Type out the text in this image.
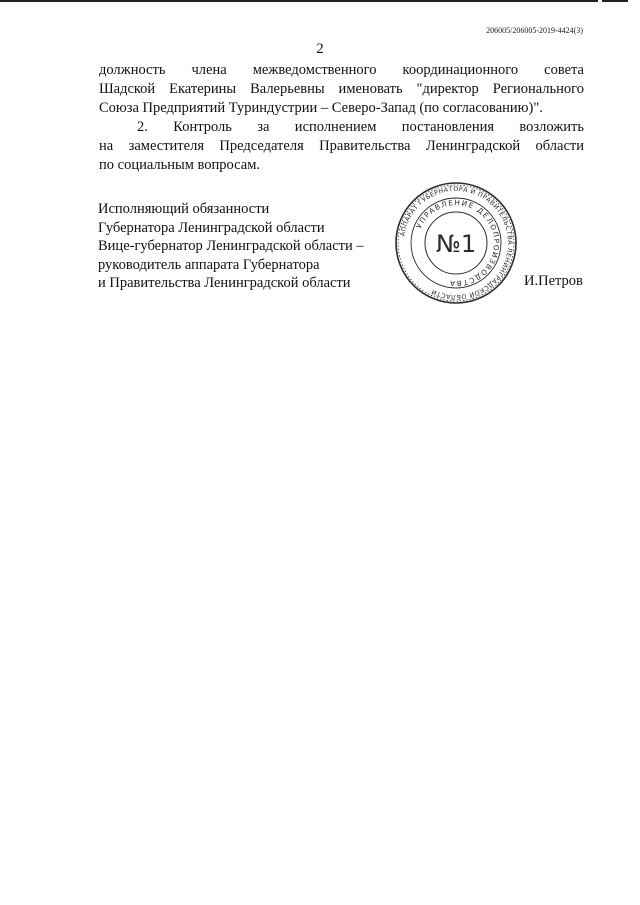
206005/206005-2019-4424(3)
2
должность члена межведомственного координационного совета
Шадской Екатерины Валерьевны именовать "директор Регионального
Союза Предприятий Туриндустрии – Северо-Запад (по согласованию)".
2. Контроль за исполнением постановления возложить
на заместителя Председателя Правительства Ленинградской области
по социальным вопросам.
Исполняющий обязанности
Губернатора Ленинградской области
Вице-губернатор Ленинградской области –
руководитель аппарата Губернатора
и Правительства Ленинградской области	И.Петров
АППАРАТ ГУБЕРНАТОРА И ПРАВИТЕЛЬСТВА ЛЕНИНГРАДСКОЙ ОБЛАСТИ
УПРАВЛЕНИЕ ДЕЛОПРОИЗВОДСТВА
№1
